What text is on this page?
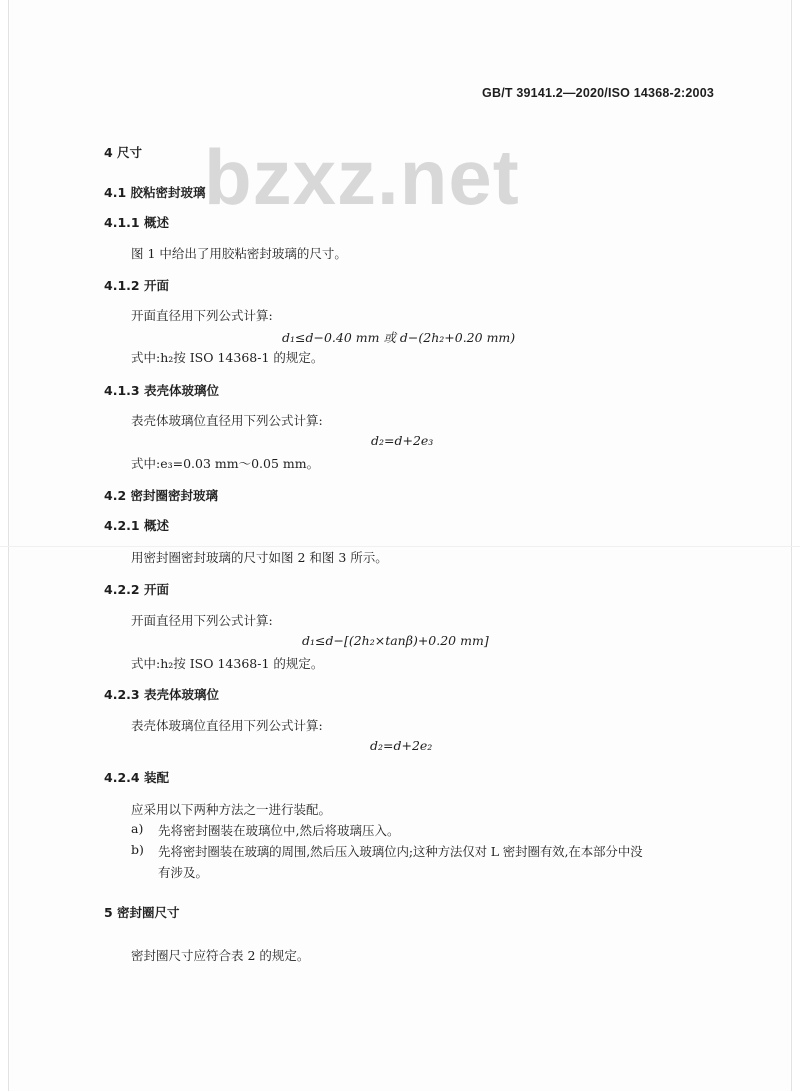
GB/T 39141.2—2020/ISO 14368-2:2003
bzxz.net
4 尺寸
4.1 胶粘密封玻璃
4.1.1 概述
图 1 中给出了用胶粘密封玻璃的尺寸。
4.1.2 开面
开面直径用下列公式计算:
d₁≤d−0.40 mm 或 d−(2h₂+0.20 mm)
式中:h₂按 ISO 14368-1 的规定。
4.1.3 表壳体玻璃位
表壳体玻璃位直径用下列公式计算:
d₂=d+2e₃
式中:e₃=0.03 mm～0.05 mm。
4.2 密封圈密封玻璃
4.2.1 概述
用密封圈密封玻璃的尺寸如图 2 和图 3 所示。
4.2.2 开面
开面直径用下列公式计算:
d₁≤d−[(2h₂×tanβ)+0.20 mm]
式中:h₂按 ISO 14368-1 的规定。
4.2.3 表壳体玻璃位
表壳体玻璃位直径用下列公式计算:
d₂=d+2e₂
4.2.4 装配
应采用以下两种方法之一进行装配。
a) 先将密封圈装在玻璃位中,然后将玻璃压入。
b) 先将密封圈装在玻璃的周围,然后压入玻璃位内;这种方法仅对 L 密封圈有效,在本部分中没
有涉及。
5 密封圈尺寸
密封圈尺寸应符合表 2 的规定。
